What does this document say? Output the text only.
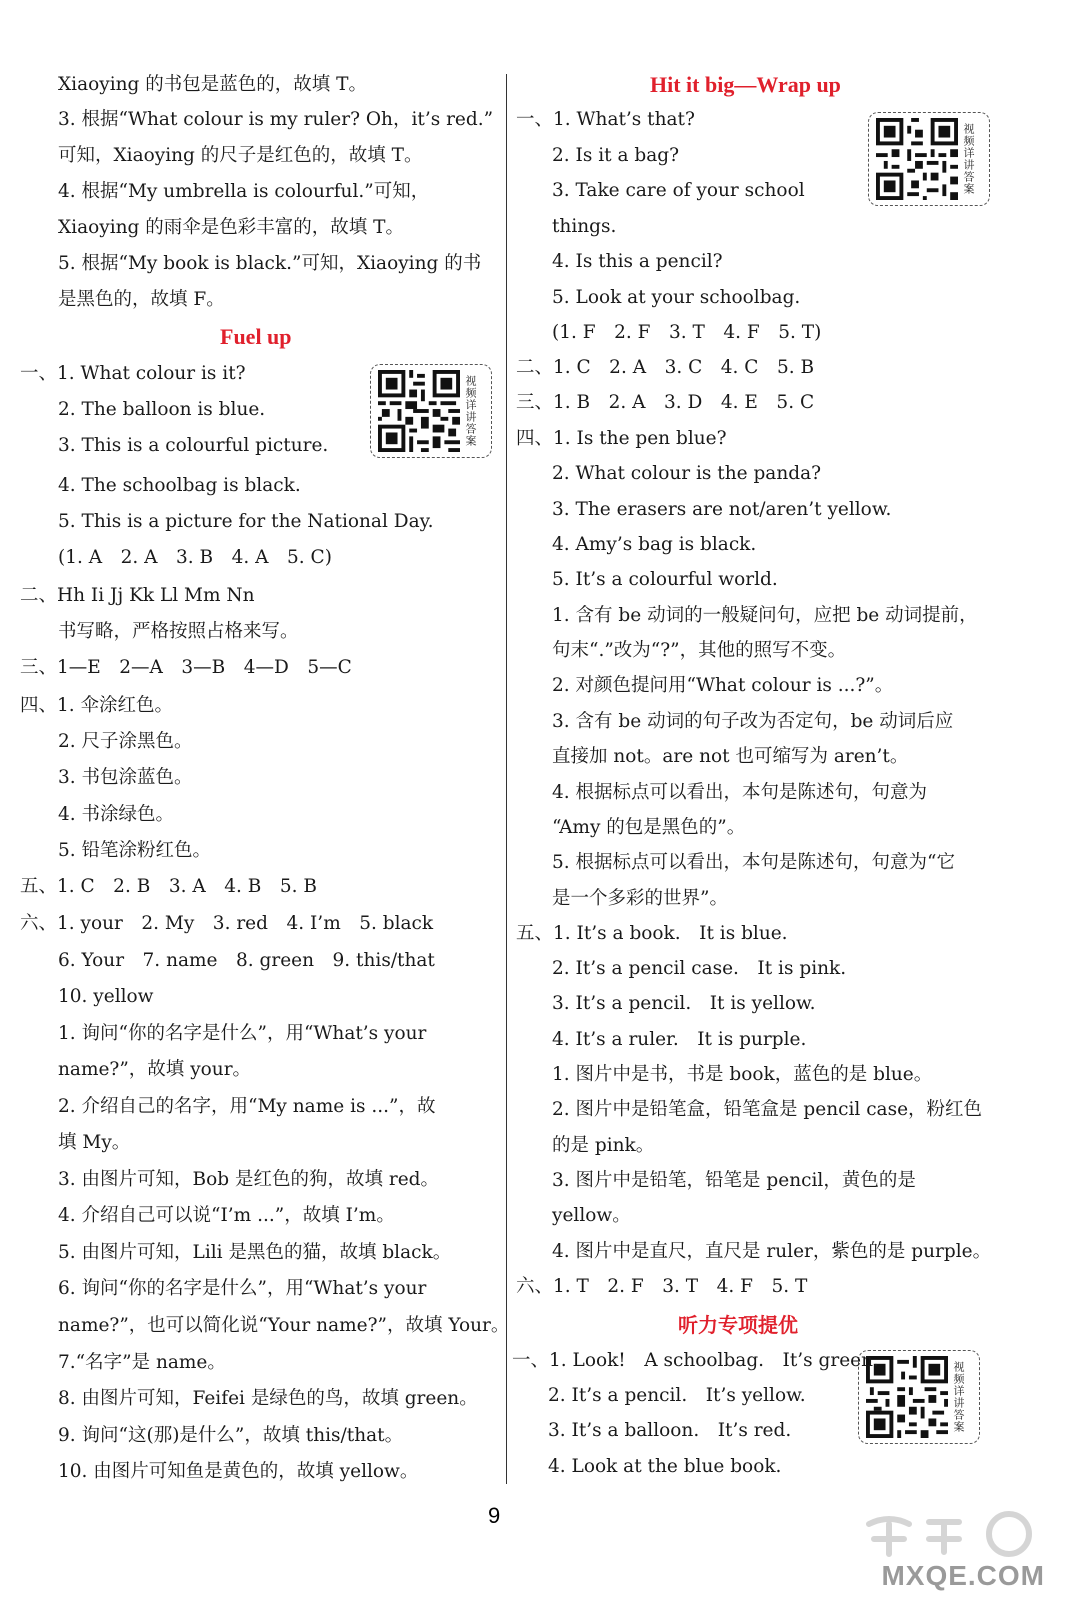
Xiaoying 的书包是蓝色的，故填 T。
3. 根据“What colour is my ruler? Oh，it’s red.”
可知，Xiaoying 的尺子是红色的，故填 T。
4. 根据“My umbrella is colourful.”可知，
Xiaoying 的雨伞是色彩丰富的，故填 T。
5. 根据“My book is black.”可知，Xiaoying 的书
是黑色的，故填 F。
Fuel up
视频详讲答案
一、1. What colour is it?
2. The balloon is blue.
3. This is a colourful picture.
4. The schoolbag is black.
5. This is a picture for the National Day.
(1. A　2. A　3. B　4. A　5. C)
二、Hh Ii Jj Kk Ll Mm Nn
书写略，严格按照占格来写。
三、1—E　2—A　3—B　4—D　5—C
四、1. 伞涂红色。
2. 尺子涂黑色。
3. 书包涂蓝色。
4. 书涂绿色。
5. 铅笔涂粉红色。
五、1. C　2. B　3. A　4. B　5. B
六、1. your　2. My　3. red　4. I’m　5. black
6. Your　7. name　8. green　9. this/that
10. yellow
1. 询问“你的名字是什么”，用“What’s your
name?”，故填 your。
2. 介绍自己的名字，用“My name is ...”，故
填 My。
3. 由图片可知，Bob 是红色的狗，故填 red。
4. 介绍自己可以说“I’m ...”，故填 I’m。
5. 由图片可知，Lili 是黑色的猫，故填 black。
6. 询问“你的名字是什么”，用“What’s your
name?”，也可以简化说“Your name?”，故填 Your。
7.“名字”是 name。
8. 由图片可知，Feifei 是绿色的鸟，故填 green。
9. 询问“这(那)是什么”，故填 this/that。
10. 由图片可知鱼是黄色的，故填 yellow。
Hit it big—Wrap up
视频详讲答案
一、1. What’s that?
2. Is it a bag?
3. Take care of your school
things.
4. Is this a pencil?
5. Look at your schoolbag.
(1. F　2. F　3. T　4. F　5. T)
二、1. C　2. A　3. C　4. C　5. B
三、1. B　2. A　3. D　4. E　5. C
四、1. Is the pen blue?
2. What colour is the panda?
3. The erasers are not/aren’t yellow.
4. Amy’s bag is black.
5. It’s a colourful world.
1. 含有 be 动词的一般疑问句，应把 be 动词提前，
句末“.”改为“?”，其他的照写不变。
2. 对颜色提问用“What colour is ...?”。
3. 含有 be 动词的句子改为否定句，be 动词后应
直接加 not。are not 也可缩写为 aren’t。
4. 根据标点可以看出，本句是陈述句，句意为
“Amy 的包是黑色的”。
5. 根据标点可以看出，本句是陈述句，句意为“它
是一个多彩的世界”。
五、1. It’s a book.　It is blue.
2. It’s a pencil case.　It is pink.
3. It’s a pencil.　It is yellow.
4. It’s a ruler.　It is purple.
1. 图片中是书，书是 book，蓝色的是 blue。
2. 图片中是铅笔盒，铅笔盒是 pencil case，粉红色
的是 pink。
3. 图片中是铅笔，铅笔是 pencil，黄色的是
yellow。
4. 图片中是直尺，直尺是 ruler，紫色的是 purple。
六、1. T　2. F　3. T　4. F　5. T
听力专项提优
视频详讲答案
一、1. Look!　A schoolbag.　It’s green.
2. It’s a pencil.　It’s yellow.
3. It’s a balloon.　It’s red.
4. Look at the blue book.
9
MXQE.COM
